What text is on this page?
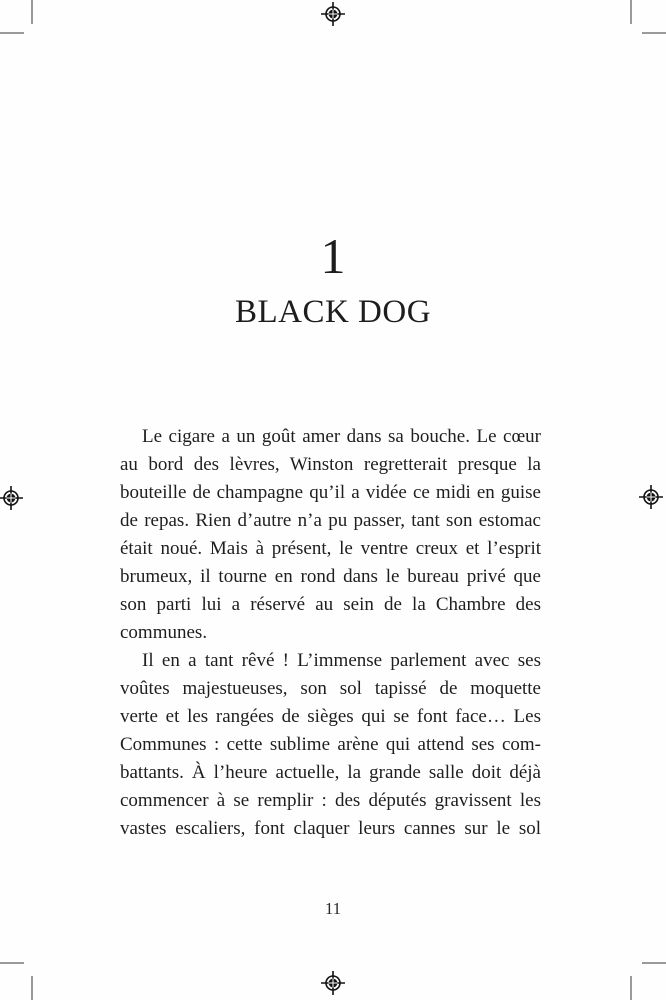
1
BLACK DOG
Le cigare a un goût amer dans sa bouche. Le cœur
au bord des lèvres, Winston regretterait presque la
bouteille de champagne qu’il a vidée ce midi en guise
de repas. Rien d’autre n’a pu passer, tant son estomac
était noué. Mais à présent, le ventre creux et l’esprit
brumeux, il tourne en rond dans le bureau privé que
son parti lui a réservé au sein de la Chambre des
communes.
Il en a tant rêvé ! L’immense parlement avec ses
voûtes majestueuses, son sol tapissé de moquette
verte et les rangées de sièges qui se font face… Les
Communes : cette sublime arène qui attend ses com-
battants. À l’heure actuelle, la grande salle doit déjà
commencer à se remplir : des députés gravissent les
vastes escaliers, font claquer leurs cannes sur le sol
11
